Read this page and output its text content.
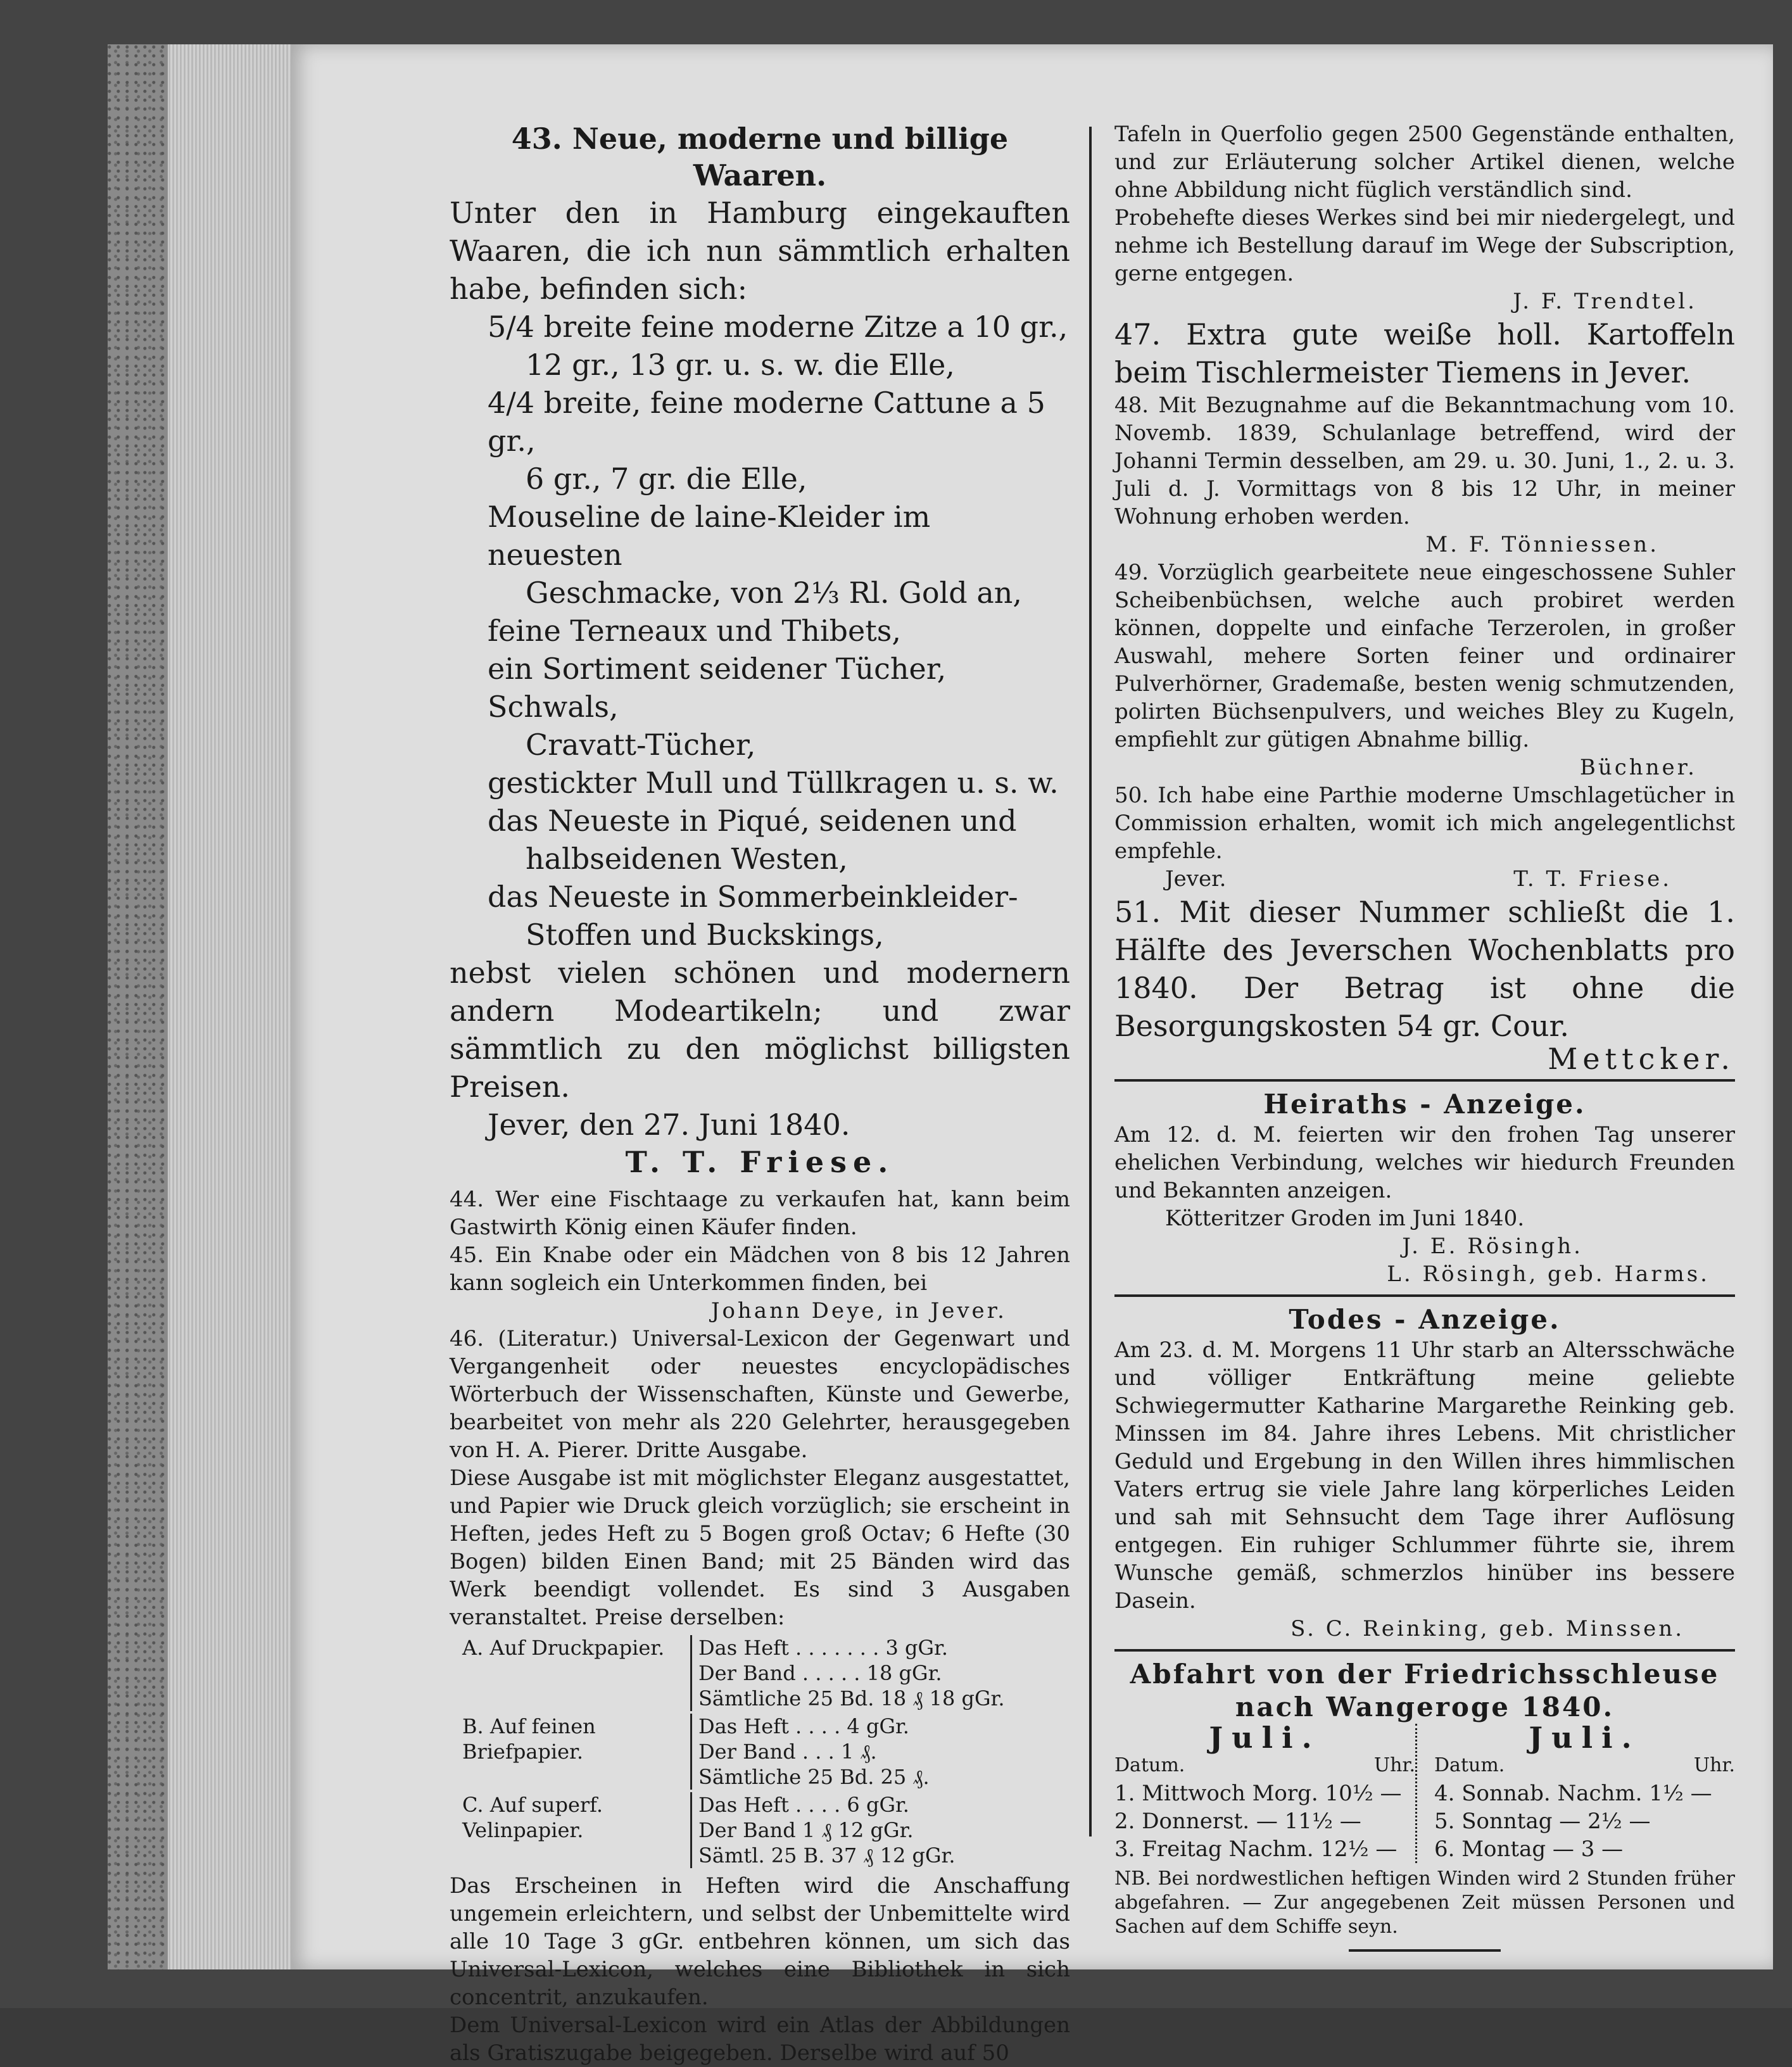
43. Neue, moderne und billige Waaren.
Unter den in Hamburg eingekauften Waaren, die ich nun sämmtlich erhalten habe, befinden sich:
5/4 breite feine moderne Zitze a 10 gr.,
12 gr., 13 gr. u. s. w. die Elle,
4/4 breite, feine moderne Cattune a 5 gr.,
6 gr., 7 gr. die Elle,
Mouseline de laine-Kleider im neuesten
Geschmacke, von 2⅓ Rl. Gold an,
feine Terneaux und Thibets,
ein Sortiment seidener Tücher, Schwals,
Cravatt-Tücher,
gestickter Mull und Tüllkragen u. s. w.
das Neueste in Piqué, seidenen und
halbseidenen Westen,
das Neueste in Sommerbeinkleider-
Stoffen und Buckskings,
nebst vielen schönen und modernern andern Modeartikeln; und zwar sämmtlich zu den möglichst billigsten Preisen.
Jever, den 27. Juni 1840.
T. T. Friese.
44. Wer eine Fischtaage zu verkaufen hat, kann beim Gastwirth König einen Käufer finden.
45. Ein Knabe oder ein Mädchen von 8 bis 12 Jahren kann sogleich ein Unterkommen finden, bei
Johann Deye, in Jever.
46. (Literatur.) Universal-Lexicon der Gegenwart und Vergangenheit oder neuestes encyclopädisches Wörterbuch der Wissenschaften, Künste und Gewerbe, bearbeitet von mehr als 220 Gelehrter, herausgegeben von H. A. Pierer. Dritte Ausgabe.
Diese Ausgabe ist mit möglichster Eleganz ausgestattet, und Papier wie Druck gleich vorzüglich; sie erscheint in Heften, jedes Heft zu 5 Bogen groß Octav; 6 Hefte (30 Bogen) bilden Einen Band; mit 25 Bänden wird das Werk beendigt vollendet. Es sind 3 Ausgaben veranstaltet. Preise derselben:
A. Auf Druckpapier.	Das Heft . . . . . . . 3 gGr.
Der Band . . . . . 18 gGr.
Sämtliche 25 Bd. 18 ₰ 18 gGr.
B. Auf feinen Briefpapier.
Das Heft . . . . 4 gGr.
Der Band . . . 1 ₰.
Sämtliche 25 Bd. 25 ₰.
C. Auf superf. Velinpapier.
Das Heft . . . . 6 gGr.
Der Band 1 ₰ 12 gGr.
Sämtl. 25 B. 37 ₰ 12 gGr.
Das Erscheinen in Heften wird die Anschaffung ungemein erleichtern, und selbst der Unbemittelte wird alle 10 Tage 3 gGr. entbehren können, um sich das Universal-Lexicon, welches eine Bibliothek in sich concentrit, anzukaufen.
Dem Universal-Lexicon wird ein Atlas der Abbildungen als Gratiszugabe beigegeben. Derselbe wird auf 50
Tafeln in Querfolio gegen 2500 Gegenstände enthalten, und zur Erläuterung solcher Artikel dienen, welche ohne Abbildung nicht füglich verständlich sind.
Probehefte dieses Werkes sind bei mir niedergelegt, und nehme ich Bestellung darauf im Wege der Subscription, gerne entgegen.
J. F. Trendtel.
47. Extra gute weiße holl. Kartoffeln beim Tischlermeister Tiemens in Jever.
48. Mit Bezugnahme auf die Bekanntmachung vom 10. Novemb. 1839, Schulanlage betreffend, wird der Johanni Termin desselben, am 29. u. 30. Juni, 1., 2. u. 3. Juli d. J. Vormittags von 8 bis 12 Uhr, in meiner Wohnung erhoben werden.
M. F. Tönniessen.
49. Vorzüglich gearbeitete neue eingeschossene Suhler Scheibenbüchsen, welche auch probiret werden können, doppelte und einfache Terzerolen, in großer Auswahl, mehere Sorten feiner und ordinairer Pulverhörner, Grademaße, besten wenig schmutzenden, polirten Büchsenpulvers, und weiches Bley zu Kugeln, empfiehlt zur gütigen Abnahme billig.
Büchner.
50. Ich habe eine Parthie moderne Umschlagetücher in Commission erhalten, womit ich mich angelegentlichst empfehle.
Jever.	T. T. Friese.
51. Mit dieser Nummer schließt die 1. Hälfte des Jeverschen Wochenblatts pro 1840. Der Betrag ist ohne die Besorgungskosten 54 gr. Cour.
Mettcker.
Heiraths - Anzeige.
Am 12. d. M. feierten wir den frohen Tag unserer ehelichen Verbindung, welches wir hiedurch Freunden und Bekannten anzeigen.
Kötteritzer Groden im Juni 1840.
J. E. Rösingh.
L. Rösingh, geb. Harms.
Todes - Anzeige.
Am 23. d. M. Morgens 11 Uhr starb an Altersschwäche und völliger Entkräftung meine geliebte Schwiegermutter Katharine Margarethe Reinking geb. Minssen im 84. Jahre ihres Lebens. Mit christlicher Geduld und Ergebung in den Willen ihres himmlischen Vaters ertrug sie viele Jahre lang körperliches Leiden und sah mit Sehnsucht dem Tage ihrer Auflösung entgegen. Ein ruhiger Schlummer führte sie, ihrem Wunsche gemäß, schmerzlos hinüber ins bessere Dasein.
S. C. Reinking, geb. Minssen.
Abfahrt von der Friedrichsschleuse nach Wangeroge 1840.
Juli.
Datum.	Uhr.
1. Mittwoch Morg. 10½ —
2. Donnerst. — 11½ —
3. Freitag Nachm. 12½ —
Juli.
Datum.	Uhr.
4. Sonnab. Nachm. 1½ —
5. Sonntag — 2½ —
6. Montag — 3 —
NB. Bei nordwestlichen heftigen Winden wird 2 Stunden früher abgefahren. — Zur angegebenen Zeit müssen Personen und Sachen auf dem Schiffe seyn.
